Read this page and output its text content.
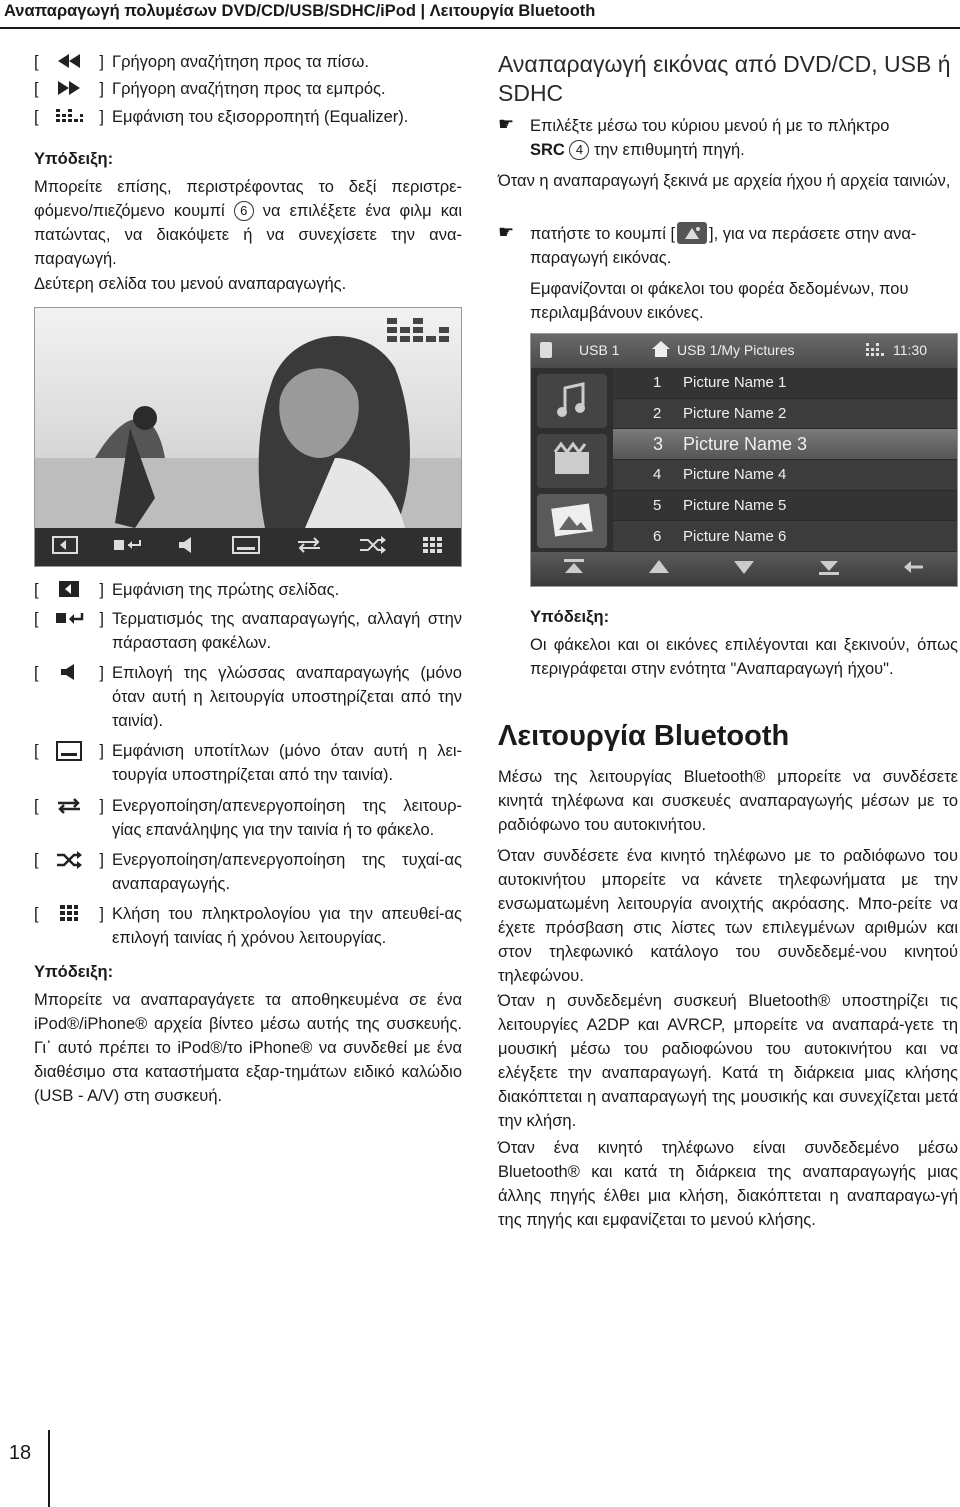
Αναπαραγωγή πολυμέσων DVD/CD/USB/SDHC/iPod | Λειτουργία Bluetooth
[	] Γρήγορη αναζήτηση προς τα πίσω.
[	] Γρήγορη αναζήτηση προς τα εμπρός.
[	] Εμφάνιση του εξισορροπητή (Equalizer).

Υπόδειξη:

Μπορείτε επίσης, περιστρέφοντας το δεξί περιστρε-φόμενο/πιεζόμενο κουμπί 6 να επιλέξετε ένα φιλμ και πατώντας, να διακόψετε ή να συνεχίσετε την ανα-παραγωγή.

Δεύτερη σελίδα του μενού αναπαραγωγής.

[	] Εμφάνιση της πρώτης σελίδας.
[	] Τερματισμός της αναπαραγωγής, αλλαγή στην πάρασταση φακέλων.
[	] Επιλογή της γλώσσας αναπαραγωγής (μόνο όταν αυτή η λειτουργία υποστηρίζεται από την ταινία).
[	] Εμφάνιση υποτίτλων (μόνο όταν αυτή η λει-τουργία υποστηρίζεται από την ταινία).
[	] Ενεργοποίηση/απενεργοποίηση της λειτουρ-γίας επανάληψης για την ταινία ή το φάκελο.
[	] Ενεργοποίηση/απενεργοποίηση της τυχαί-ας αναπαραγωγής.
[	] Κλήση του πληκτρολογίου για την απευθεί-ας επιλογή ταινίας ή χρόνου λειτουργίας.

Υπόδειξη:

Μπορείτε να αναπαραγάγετε τα αποθηκευμένα σε ένα iPod®/iPhone® αρχεία βίντεο μέσω αυτής της συσκευής. Γι᾽ αυτό πρέπει το iPod®/το iPhone® να συνδεθεί με ένα διαθέσιμο στα καταστήματα εξαρ-τημάτων ειδικό καλώδιο (USB - A/V) στη συσκευή.

Αναπαραγωγή εικόνας από DVD/CD, USB ή SDHC

☛ Επιλέξτε μέσω του κύριου μενού ή με το πλήκτρο
SRC 4 την επιθυμητή πηγή.

Όταν η αναπαραγωγή ξεκινά με αρχεία ήχου ή αρχεία ταινιών,

☛ πατήστε το κουμπί [ ], για να περάσετε στην ανα-παραγωγή εικόνας.

Εμφανίζονται οι φάκελοι του φορέα δεδομένων, που περιλαμβάνουν εικόνες.

USB 1	USB 1/My Pictures	11:30
1 Picture Name 1
2 Picture Name 2
3 Picture Name 3
4 Picture Name 4
5 Picture Name 5
6 Picture Name 6

Υπόδειξη:

Οι φάκελοι και οι εικόνες επιλέγονται και ξεκινούν, όπως περιγράφεται στην ενότητα "Αναπαραγωγή ήχου".

Λειτουργία Bluetooth

Μέσω της λειτουργίας Bluetooth® μπορείτε να συνδέσετε κινητά τηλέφωνα και συσκευές αναπαραγωγής μέσων με το ραδιόφωνο του αυτοκινήτου.

Όταν συνδέσετε ένα κινητό τηλέφωνο με το ραδιόφωνο του αυτοκινήτου μπορείτε να κάνετε τηλεφωνήματα με την ενσωματωμένη λειτουργία ανοιχτής ακρόασης. Μπο-ρείτε να έχετε πρόσβαση στις λίστες των επιλεγμένων αριθμών και στον τηλεφωνικό κατάλογο του συνδεδεμέ-νου κινητού τηλεφώνου.

Όταν η συνδεδεμένη συσκευή Bluetooth® υποστηρίζει τις λειτουργίες A2DP και AVRCP, μπορείτε να αναπαρά-γετε τη μουσική μέσω του ραδιοφώνου του αυτοκινήτου και να ελέγξετε την αναπαραγωγή. Κατά τη διάρκεια μιας κλήσης διακόπτεται η αναπαραγωγή της μουσικής και συνεχίζεται μετά την κλήση.

Όταν ένα κινητό τηλέφωνο είναι συνδεδεμένο μέσω Bluetooth® και κατά τη διάρκεια της αναπαραγωγής μιας άλλης πηγής έλθει μια κλήση, διακόπτεται η αναπαραγω-γή της πηγής και εμφανίζεται το μενού κλήσης.

18
